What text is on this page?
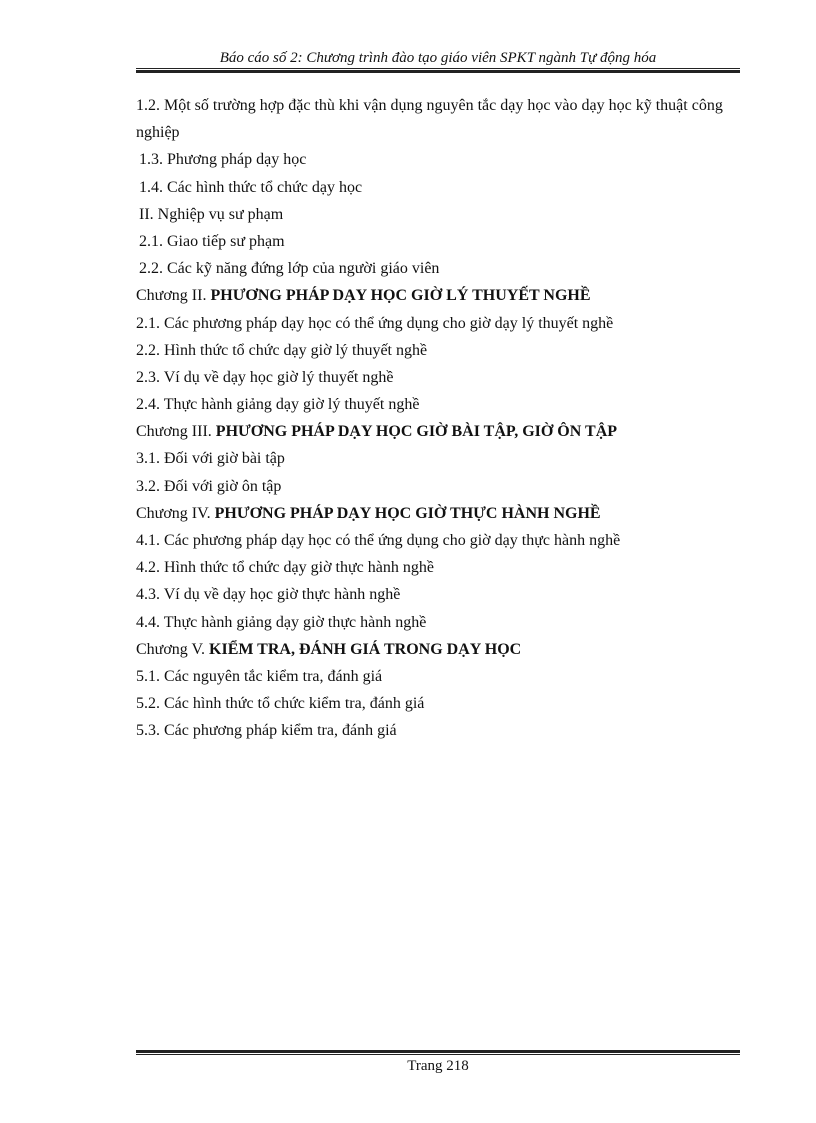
Báo cáo số 2: Chương trình đào tạo giáo viên SPKT ngành Tự động hóa
1.2. Một số trường hợp đặc thù khi vận dụng nguyên tắc dạy học vào dạy học kỹ thuật công nghiệp
1.3. Phương pháp dạy học
1.4. Các hình thức tổ chức dạy học
II. Nghiệp vụ sư phạm
2.1. Giao tiếp sư phạm
2.2. Các kỹ năng đứng lớp của người giáo viên
Chương II. PHƯƠNG PHÁP DẠY HỌC GIỜ LÝ THUYẾT NGHỀ
2.1. Các phương pháp dạy học có thể ứng dụng cho giờ dạy lý thuyết nghề
2.2. Hình thức tổ chức dạy giờ lý thuyết nghề
2.3. Ví dụ về dạy học giờ lý thuyết nghề
2.4. Thực hành giảng dạy giờ lý thuyết nghề
Chương III. PHƯƠNG PHÁP DẠY HỌC GIỜ BÀI TẬP, GIỜ ÔN TẬP
3.1. Đối với giờ bài tập
3.2. Đối với giờ ôn tập
Chương IV. PHƯƠNG PHÁP DẠY HỌC GIỜ THỰC HÀNH NGHỀ
4.1. Các phương pháp dạy học có thể ứng dụng cho giờ dạy thực hành nghề
4.2. Hình thức tổ chức dạy giờ thực hành nghề
4.3. Ví dụ về dạy học giờ thực hành nghề
4.4. Thực hành giảng dạy giờ thực hành nghề
Chương V. KIỂM TRA, ĐÁNH GIÁ TRONG DẠY HỌC
5.1. Các nguyên tắc kiểm tra, đánh giá
5.2. Các hình thức tổ chức kiểm tra, đánh giá
5.3. Các phương pháp kiểm tra, đánh giá
Trang 218
